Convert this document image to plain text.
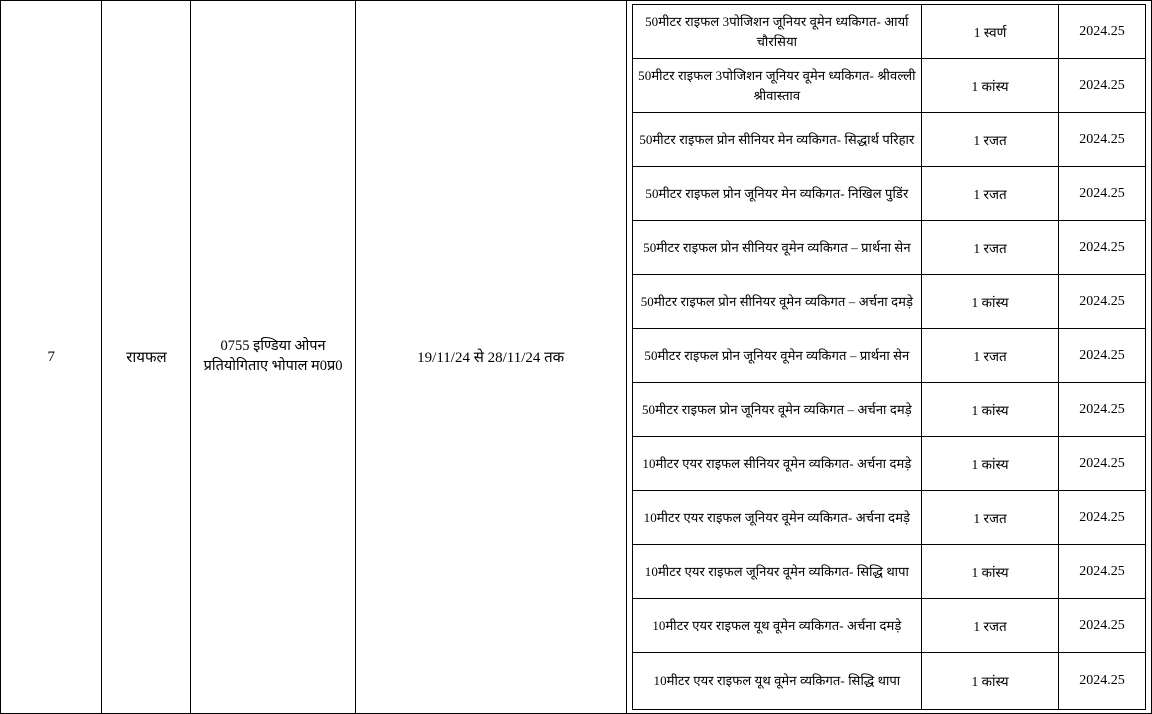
7	रायफल	0755 इण्डिया ओपन प्रतियोगिताए भोपाल म0प्र0	19/11/24 से 28/11/24 तक	
50मीटर राइफल 3पोजिशन जूनियर वूमेन ध्यकिगत- आर्या चौरसिया	1 स्वर्ण	2024.25
50मीटर राइफल 3पोजिशन जूनियर वूमेन ध्यकिगत- श्रीवल्ली श्रीवास्ताव	1 कांस्य	2024.25
50मीटर राइफल प्रोन सीनियर मेन व्यकिगत- सिद्धार्थ परिहार	1 रजत	2024.25
50मीटर राइफल प्रोन जूनियर मेन व्यकिगत- निखिल पुडिंर	1 रजत	2024.25
50मीटर राइफल प्रोन सीनियर वूमेन व्यकिगत – प्रार्थना सेन	1 रजत	2024.25
50मीटर राइफल प्रोन सीनियर वूमेन व्यकिगत – अर्चना दमड़े	1 कांस्य	2024.25
50मीटर राइफल प्रोन जूनियर वूमेन व्यकिगत – प्रार्थना सेन	1 रजत	2024.25
50मीटर राइफल प्रोन जूनियर वूमेन व्यकिगत – अर्चना दमड़े	1 कांस्य	2024.25
10मीटर एयर राइफल सीनियर वूमेन व्यकिगत- अर्चना दमड़े	1 कांस्य	2024.25
10मीटर एयर राइफल जूनियर वूमेन व्यकिगत- अर्चना दमड़े	1 रजत	2024.25
10मीटर एयर राइफल जूनियर वूमेन व्यकिगत- सिद्धि थापा	1 कांस्य	2024.25
10मीटर एयर राइफल यूथ वूमेन व्यकिगत- अर्चना दमड़े	1 रजत	2024.25
10मीटर एयर राइफल यूथ वूमेन व्यकिगत- सिद्धि थापा	1 कांस्य	2024.25
